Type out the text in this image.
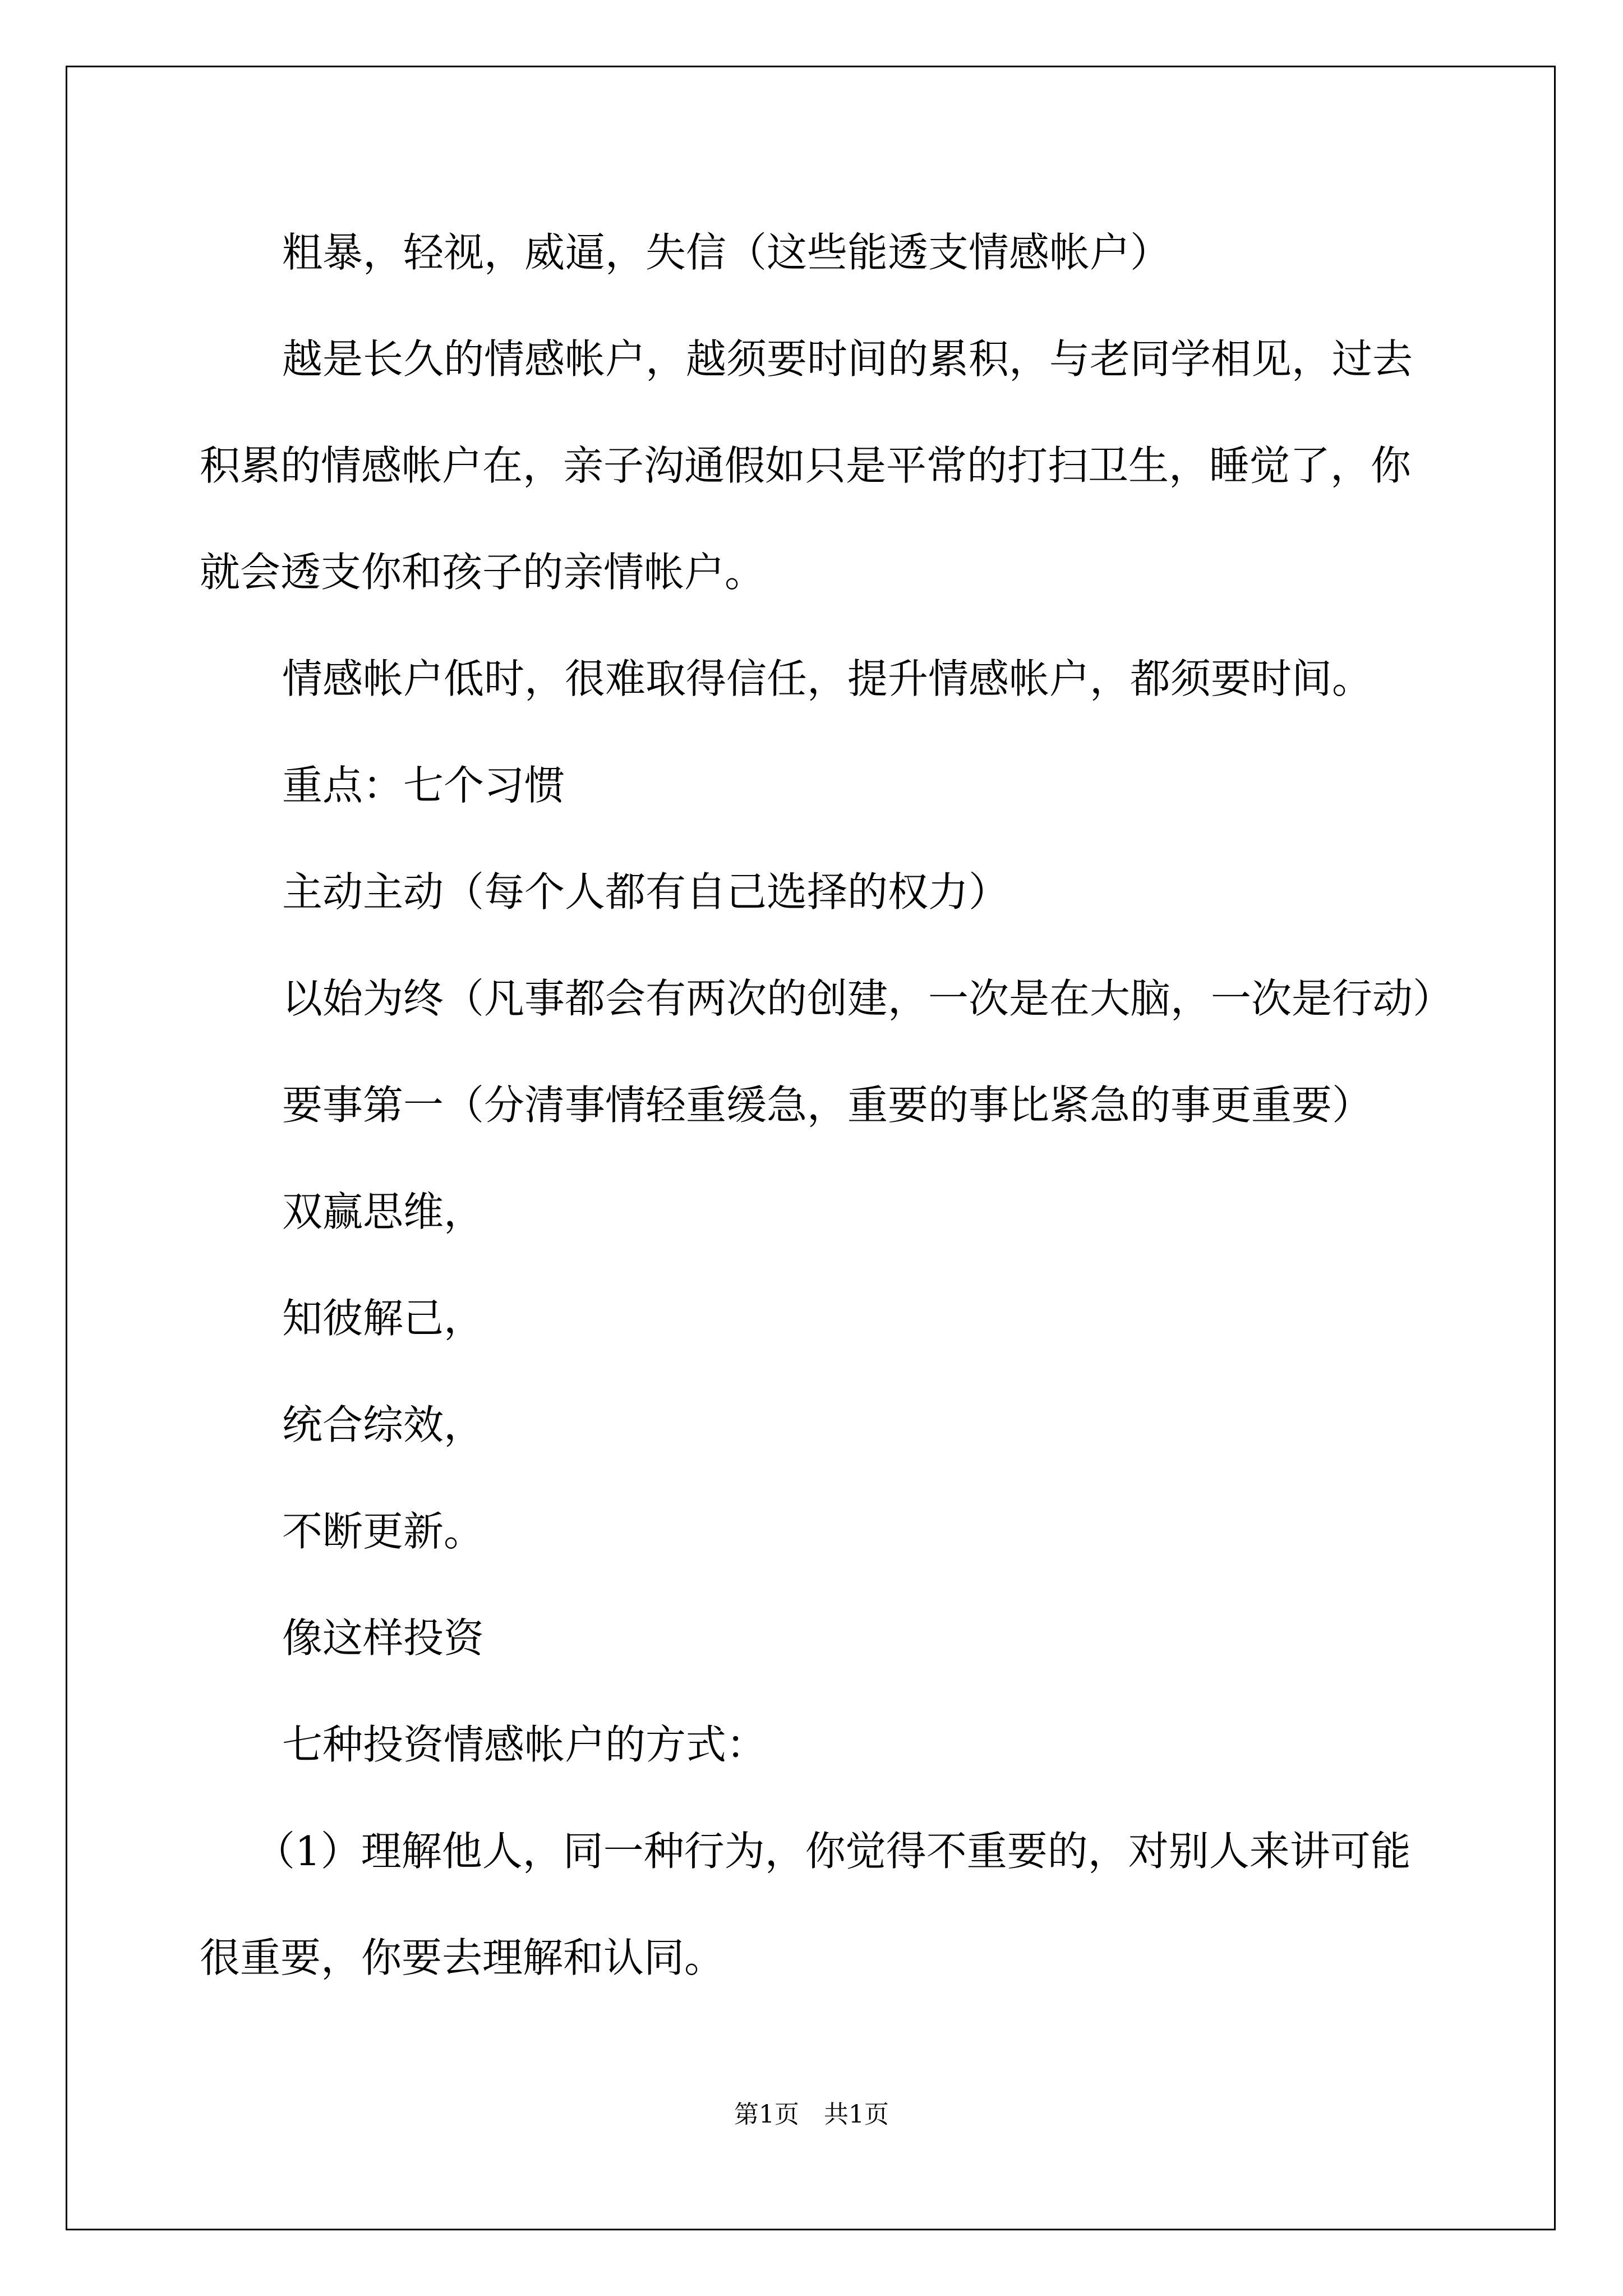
粗暴，轻视，威逼，失信（这些能透支情感帐户）

越是长久的情感帐户，越须要时间的累积，与老同学相见，过去

积累的情感帐户在，亲子沟通假如只是平常的打扫卫生，睡觉了，你

就会透支你和孩子的亲情帐户。

情感帐户低时，很难取得信任，提升情感帐户，都须要时间。

重点：七个习惯

主动主动（每个人都有自己选择的权力）

以始为终（凡事都会有两次的创建，一次是在大脑，一次是行动）

要事第一（分清事情轻重缓急，重要的事比紧急的事更重要）

双赢思维，

知彼解己，

统合综效，

不断更新。

像这样投资

七种投资情感帐户的方式：

（1）理解他人，同一种行为，你觉得不重要的，对别人来讲可能

很重要，你要去理解和认同。

第1页　共1页
